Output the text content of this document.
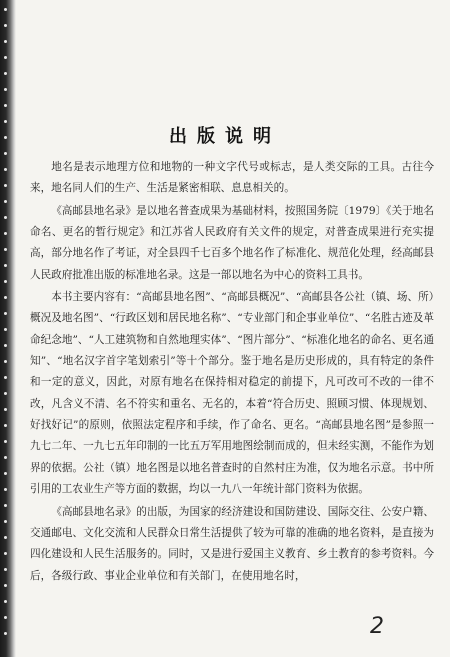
出版说明

地名是表示地理方位和地物的一种文字代号或标志，是人类交际的工具。古往今来，地名同人们的生产、生活是紧密相联、息息相关的。

《高邮县地名录》是以地名普查成果为基础材料，按照国务院〔1979〕《关于地名命名、更名的暂行规定》和江苏省人民政府有关文件的规定，对普查成果进行充实提高，部分地名作了考证，对全县四千七百多个地名作了标准化、规范化处理，经高邮县人民政府批准出版的标准地名录。这是一部以地名为中心的资料工具书。

本书主要内容有：“高邮县地名图”、“高邮县概况”、“高邮县各公社（镇、场、所）概况及地名图”、“行政区划和居民地名称”、“专业部门和企事业单位”、“名胜古迹及革命纪念地”、“人工建筑物和自然地理实体”、“图片部分”、“标准化地名的命名、更名通知”、“地名汉字首字笔划索引”等十个部分。鉴于地名是历史形成的，具有特定的条件和一定的意义，因此，对原有地名在保持相对稳定的前提下，凡可改可不改的一律不改，凡含义不清、名不符实和重名、无名的，本着“符合历史、照顾习惯、体现规划、好找好记”的原则，依照法定程序和手续，作了命名、更名。“高邮县地名图”是参照一九七二年、一九七五年印制的一比五万军用地图绘制而成的，但未经实测，不能作为划界的依据。公社（镇）地名图是以地名普查时的自然村庄为准，仅为地名示意。书中所引用的工农业生产等方面的数据，均以一九八一年统计部门资料为依据。

《高邮县地名录》的出版，为国家的经济建设和国防建设、国际交往、公安户籍、交通邮电、文化交流和人民群众日常生活提供了较为可靠的准确的地名资料，是直接为四化建设和人民生活服务的。同时，又是进行爱国主义教育、乡土教育的参考资料。今后，各级行政、事业企业单位和有关部门，在使用地名时，

2
